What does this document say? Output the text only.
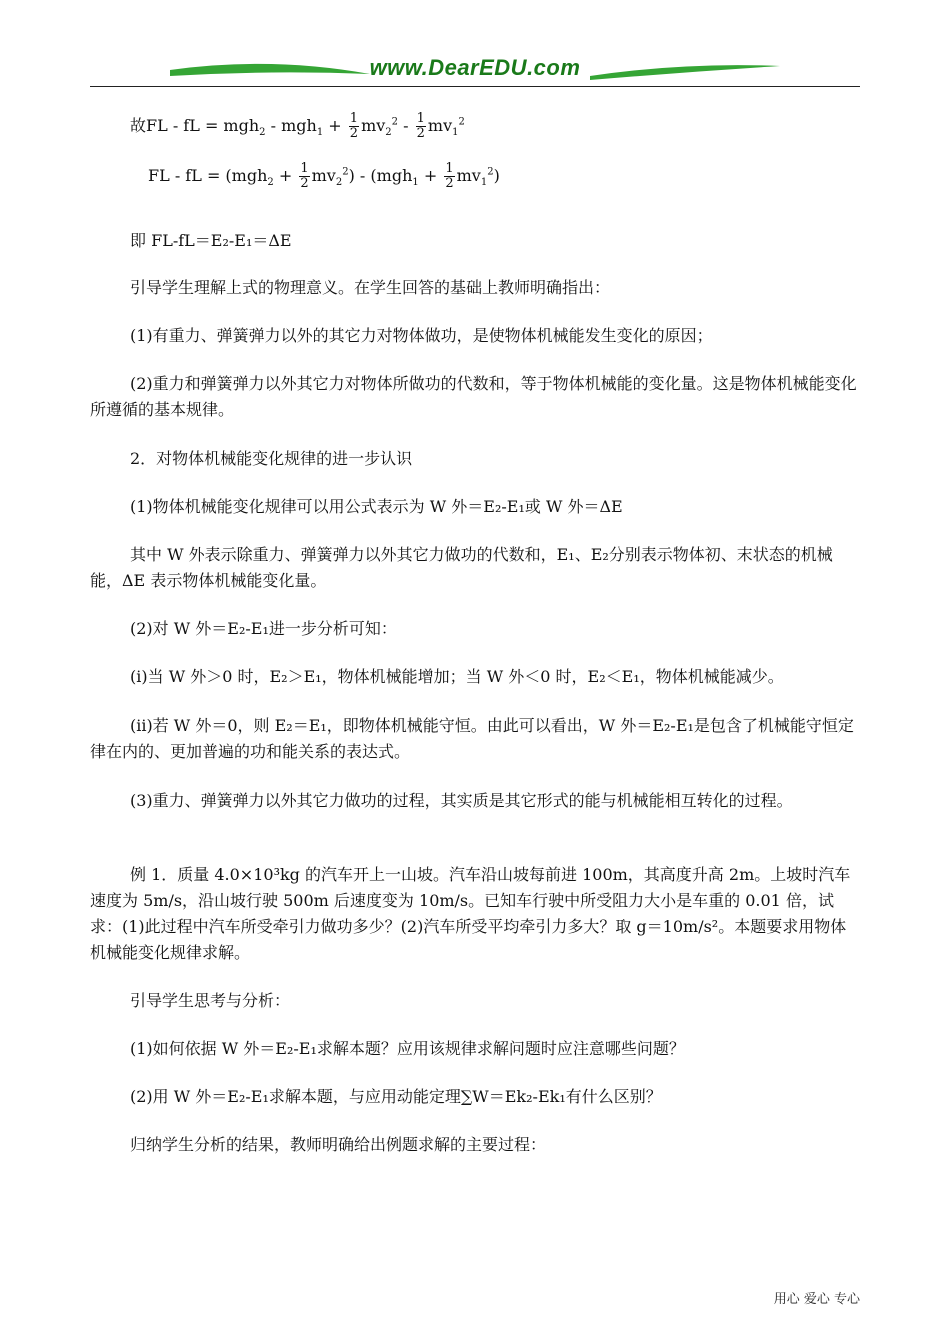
www.DearEDU.com
故FL - fL = $mgh_2 - mgh_1 + \frac{1}{2} mv_2^2 - \frac{1}{2} mv_1^2$
FL - fL = $(mgh_2 + \frac{1}{2} mv_2^2) - (mgh_1 + \frac{1}{2} mv_1^2)$
即 FL-fL＝E₂-E₁＝ΔE
引导学生理解上式的物理意义。在学生回答的基础上教师明确指出：
(1)有重力、弹簧弹力以外的其它力对物体做功，是使物体机械能发生变化的原因；
(2)重力和弹簧弹力以外其它力对物体所做功的代数和，等于物体机械能的变化量。这是物体机械能变化所遵循的基本规律。
2．对物体机械能变化规律的进一步认识
(1)物体机械能变化规律可以用公式表示为 W 外＝E₂-E₁或 W 外＝ΔE
其中 W 外表示除重力、弹簧弹力以外其它力做功的代数和，E₁、E₂分别表示物体初、末状态的机械能，ΔE 表示物体机械能变化量。
(2)对 W 外＝E₂-E₁进一步分析可知：
(i)当 W 外＞0 时，E₂＞E₁，物体机械能增加；当 W 外＜0 时，E₂＜E₁，物体机械能减少。
(ii)若 W 外＝0，则 E₂＝E₁，即物体机械能守恒。由此可以看出，W 外＝E₂-E₁是包含了机械能守恒定律在内的、更加普遍的功和能关系的表达式。
(3)重力、弹簧弹力以外其它力做功的过程，其实质是其它形式的能与机械能相互转化的过程。
例 1．质量 4.0×10³kg 的汽车开上一山坡。汽车沿山坡每前进 100m，其高度升高 2m。上坡时汽车速度为 5m/s，沿山坡行驶 500m 后速度变为 10m/s。已知车行驶中所受阻力大小是车重的 0.01 倍，试求：(1)此过程中汽车所受牵引力做功多少？(2)汽车所受平均牵引力多大？取 g＝10m/s²。本题要求用物体机械能变化规律求解。
引导学生思考与分析：
(1)如何依据 W 外＝E₂-E₁求解本题？应用该规律求解问题时应注意哪些问题？
(2)用 W 外＝E₂-E₁求解本题，与应用动能定理∑W＝Ek₂-Ek₁有什么区别？
归纳学生分析的结果，教师明确给出例题求解的主要过程：
用心 爱心 专心
